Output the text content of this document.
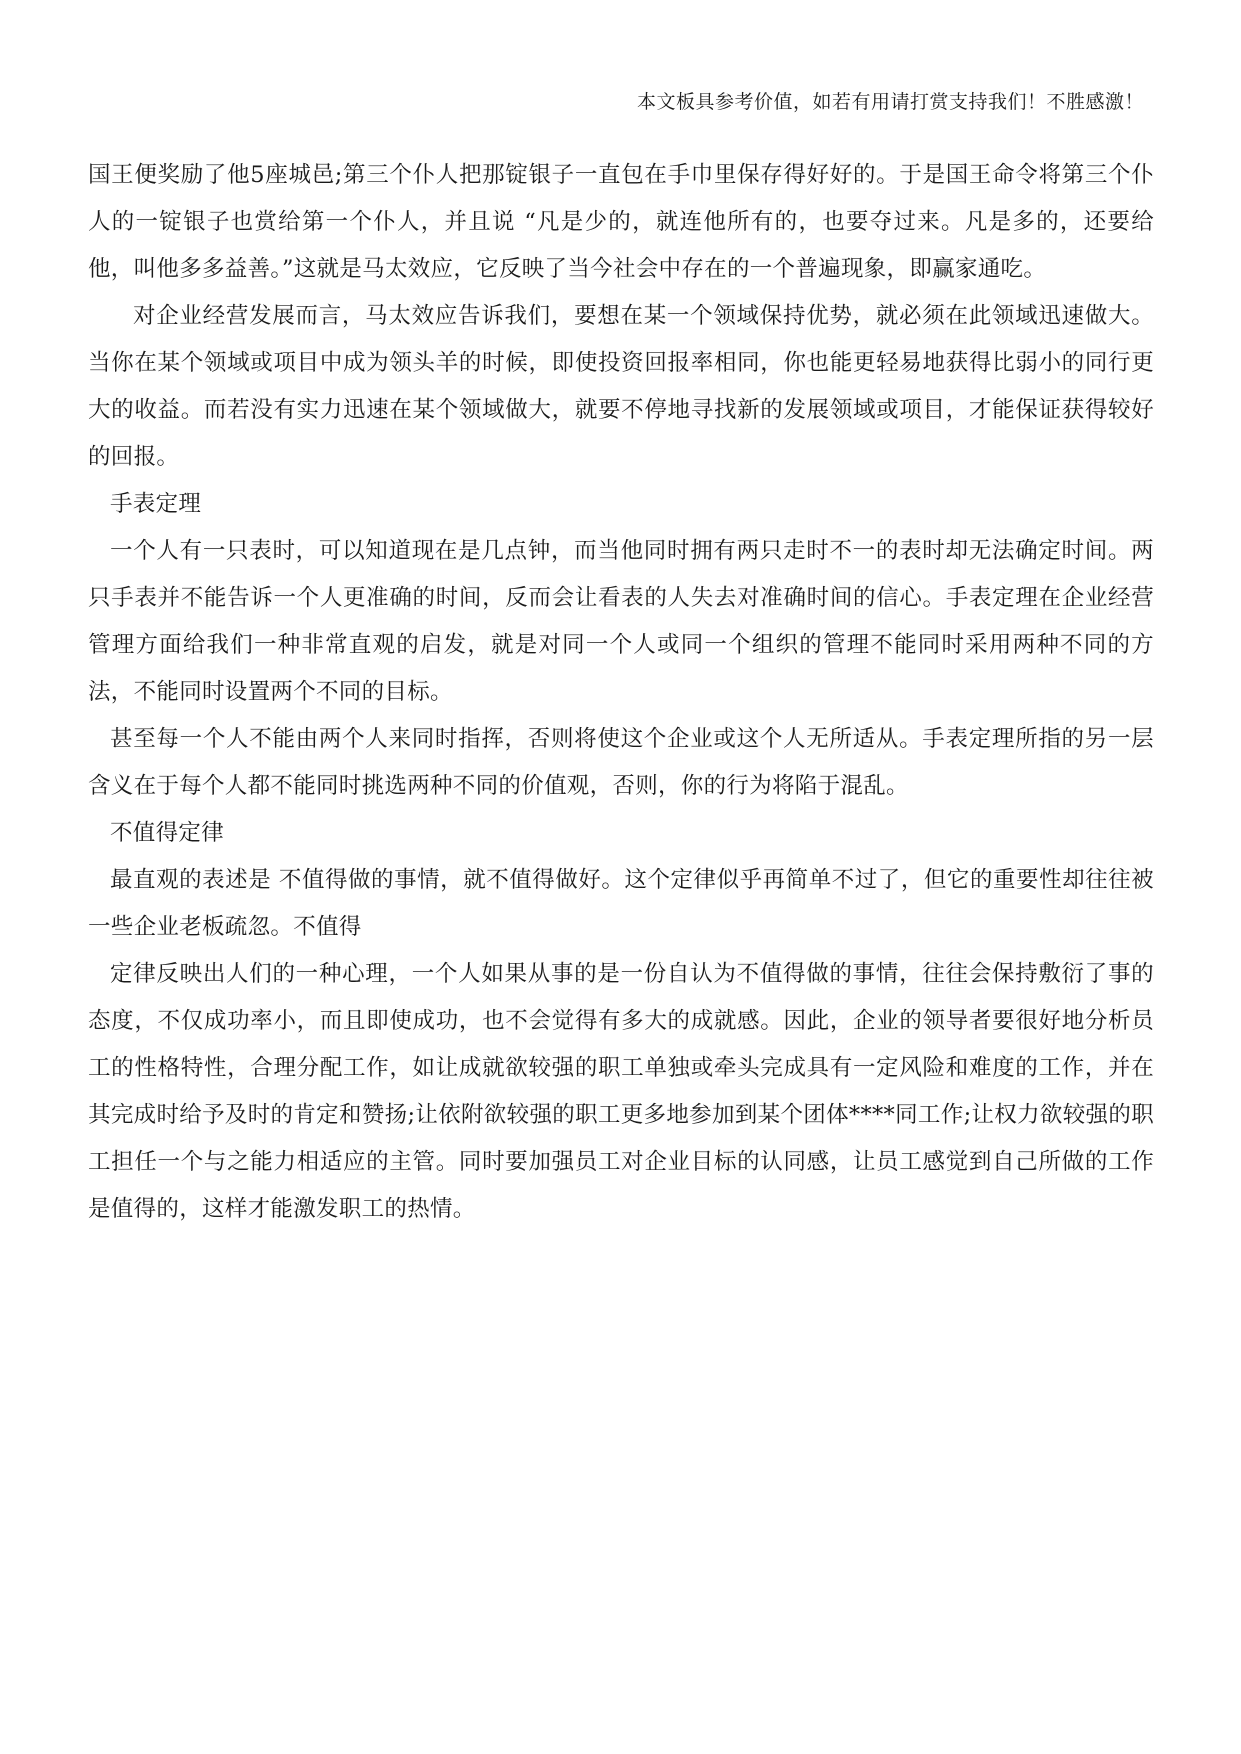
本文板具参考价值，如若有用请打赏支持我们！不胜感激！

国王便奖励了他5座城邑;第三个仆人把那锭银子一直包在手巾里保存得好好的。于是国王命令将第三个仆人的一锭银子也赏给第一个仆人，并且说 “凡是少的，就连他所有的，也要夺过来。凡是多的，还要给他，叫他多多益善。”这就是马太效应，它反映了当今社会中存在的一个普遍现象，即赢家通吃。

对企业经营发展而言，马太效应告诉我们，要想在某一个领域保持优势，就必须在此领域迅速做大。当你在某个领域或项目中成为领头羊的时候，即使投资回报率相同，你也能更轻易地获得比弱小的同行更大的收益。而若没有实力迅速在某个领域做大，就要不停地寻找新的发展领域或项目，才能保证获得较好的回报。

手表定理

一个人有一只表时，可以知道现在是几点钟，而当他同时拥有两只走时不一的表时却无法确定时间。两只手表并不能告诉一个人更准确的时间，反而会让看表的人失去对准确时间的信心。手表定理在企业经营管理方面给我们一种非常直观的启发，就是对同一个人或同一个组织的管理不能同时采用两种不同的方法，不能同时设置两个不同的目标。

甚至每一个人不能由两个人来同时指挥，否则将使这个企业或这个人无所适从。手表定理所指的另一层含义在于每个人都不能同时挑选两种不同的价值观，否则，你的行为将陷于混乱。

不值得定律

最直观的表述是 不值得做的事情，就不值得做好。这个定律似乎再简单不过了，但它的重要性却往往被一些企业老板疏忽。不值得

定律反映出人们的一种心理，一个人如果从事的是一份自认为不值得做的事情，往往会保持敷衍了事的态度，不仅成功率小，而且即使成功，也不会觉得有多大的成就感。因此，企业的领导者要很好地分析员工的性格特性，合理分配工作，如让成就欲较强的职工单独或牵头完成具有一定风险和难度的工作，并在其完成时给予及时的肯定和赞扬;让依附欲较强的职工更多地参加到某个团体****同工作;让权力欲较强的职工担任一个与之能力相适应的主管。同时要加强员工对企业目标的认同感，让员工感觉到自己所做的工作是值得的，这样才能激发职工的热情。
